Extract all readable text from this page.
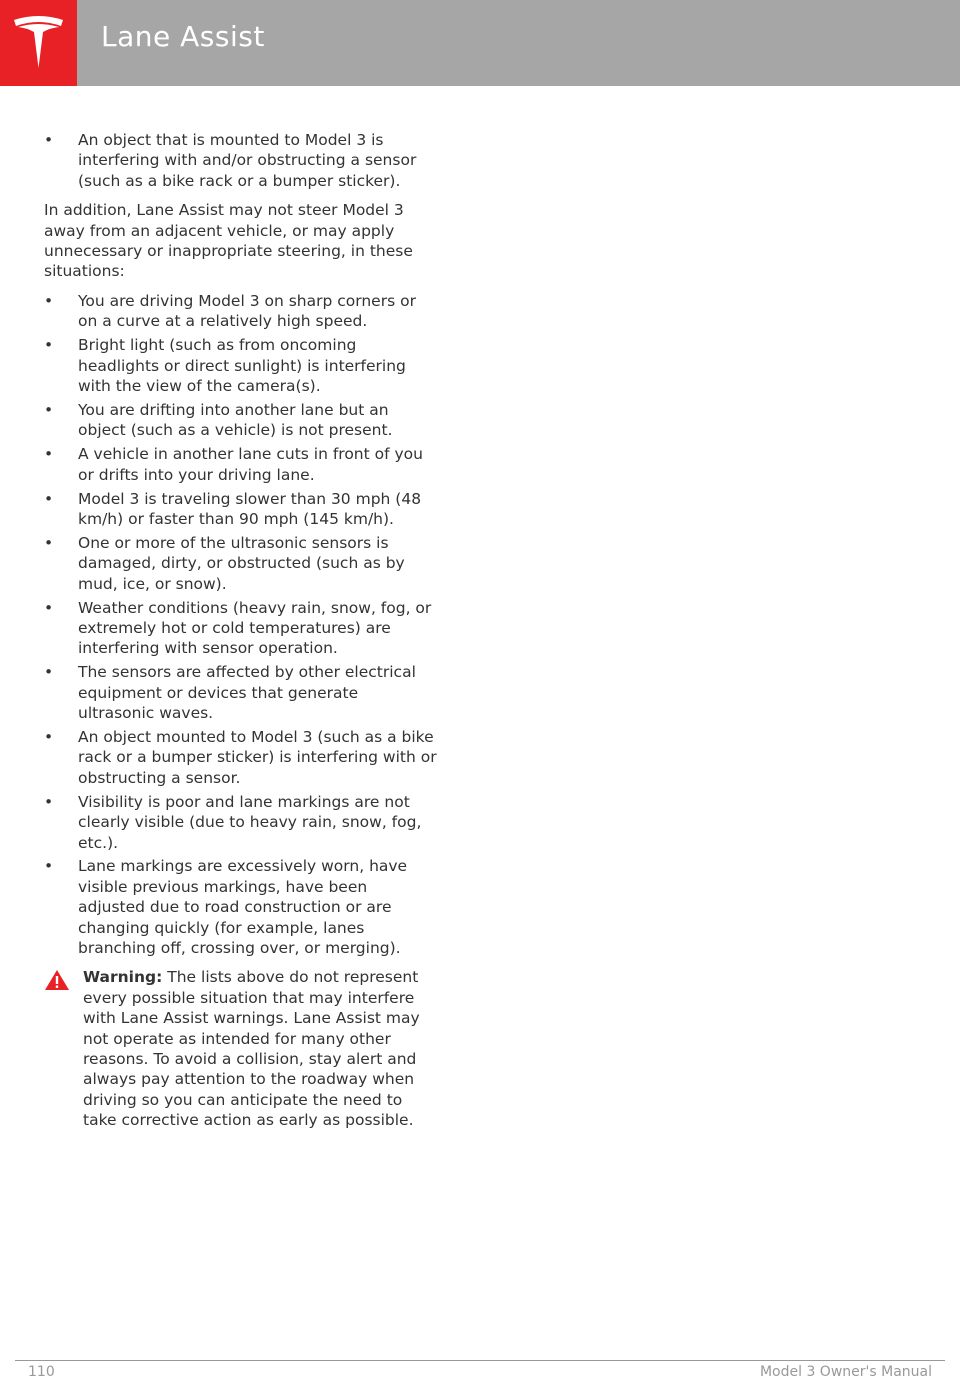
Lane Assist
• An object that is mounted to Model 3 is interfering with and/or obstructing a sensor (such as a bike rack or a bumper sticker).

In addition, Lane Assist may not steer Model 3 away from an adjacent vehicle, or may apply unnecessary or inappropriate steering, in these situations:

• You are driving Model 3 on sharp corners or on a curve at a relatively high speed.
• Bright light (such as from oncoming headlights or direct sunlight) is interfering with the view of the camera(s).
• You are drifting into another lane but an object (such as a vehicle) is not present.
• A vehicle in another lane cuts in front of you or drifts into your driving lane.
• Model 3 is traveling slower than 30 mph (48 km/h) or faster than 90 mph (145 km/h).
• One or more of the ultrasonic sensors is damaged, dirty, or obstructed (such as by mud, ice, or snow).
• Weather conditions (heavy rain, snow, fog, or extremely hot or cold temperatures) are interfering with sensor operation.
• The sensors are affected by other electrical equipment or devices that generate ultrasonic waves.
• An object mounted to Model 3 (such as a bike rack or a bumper sticker) is interfering with or obstructing a sensor.
• Visibility is poor and lane markings are not clearly visible (due to heavy rain, snow, fog, etc.).
• Lane markings are excessively worn, have visible previous markings, have been adjusted due to road construction or are changing quickly (for example, lanes branching off, crossing over, or merging).
Warning: The lists above do not represent every possible situation that may interfere with Lane Assist warnings. Lane Assist may not operate as intended for many other reasons. To avoid a collision, stay alert and always pay attention to the roadway when driving so you can anticipate the need to take corrective action as early as possible.
110	Model 3 Owner's Manual
